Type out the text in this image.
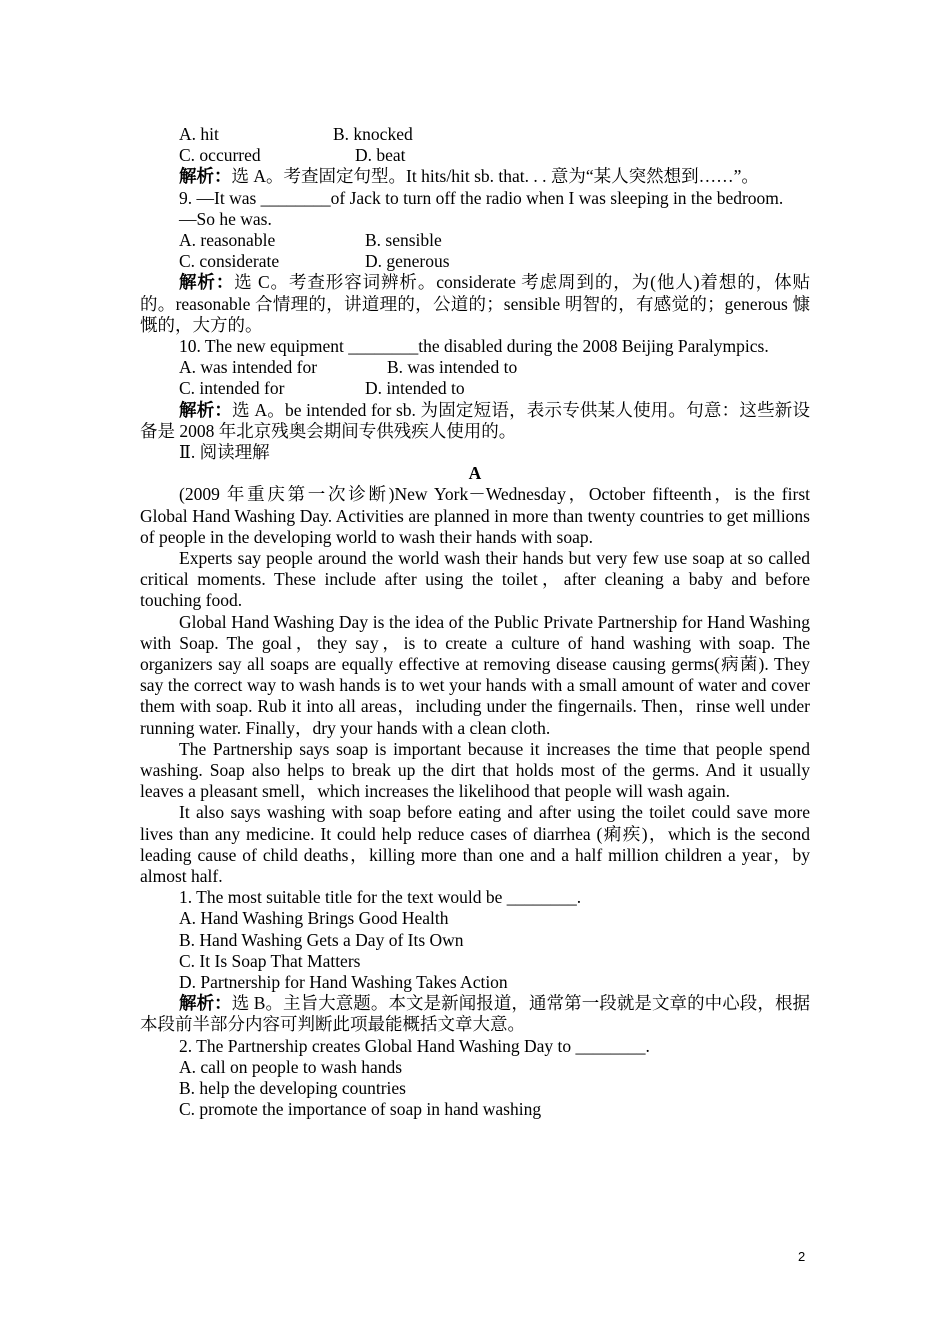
A. hit	B. knocked
C. occurred	D. beat
解析：选 A。考查固定句型。It hits/hit sb. that. . . 意为“某人突然想到……”。
9. —It was ________of Jack to turn off the radio when I was sleeping in the bedroom.
—So he was.
A. reasonable	B. sensible
C. considerate	D. generous
解析：选 C。考查形容词辨析。considerate 考虑周到的，为(他人)着想的，体贴的。reasonable 合情理的，讲道理的，公道的；sensible 明智的，有感觉的；generous 慷慨的，大方的。
10. The new equipment ________the disabled during the 2008 Beijing Paralympics.
A. was intended for	B. was intended to
C. intended for	D. intended to
解析：选 A。be intended for sb. 为固定短语，表示专供某人使用。句意：这些新设备是 2008 年北京残奥会期间专供残疾人使用的。
Ⅱ. 阅读理解
A
(2009 年重庆第一次诊断)New York－Wednesday，October fifteenth，is the first Global Hand Washing Day. Activities are planned in more than twenty countries to get millions of people in the developing world to wash their hands with soap.
Experts say people around the world wash their hands but very few use soap at so called critical moments. These include after using the toilet，after cleaning a baby and before touching food.
Global Hand Washing Day is the idea of the Public Private Partnership for Hand Washing with Soap. The goal，they say，is to create a culture of hand washing with soap. The organizers say all soaps are equally effective at removing disease causing germs(病菌). They say the correct way to wash hands is to wet your hands with a small amount of water and cover them with soap. Rub it into all areas，including under the fingernails. Then，rinse well under running water. Finally，dry your hands with a clean cloth.
The Partnership says soap is important because it increases the time that people spend washing. Soap also helps to break up the dirt that holds most of the germs. And it usually leaves a pleasant smell，which increases the likelihood that people will wash again.
It also says washing with soap before eating and after using the toilet could save more lives than any medicine. It could help reduce cases of diarrhea (痢疾)，which is the second leading cause of child deaths，killing more than one and a half million children a year，by almost half.
1. The most suitable title for the text would be ________.
A. Hand Washing Brings Good Health
B. Hand Washing Gets a Day of Its Own
C. It Is Soap That Matters
D. Partnership for Hand Washing Takes Action
解析：选 B。主旨大意题。本文是新闻报道，通常第一段就是文章的中心段，根据本段前半部分内容可判断此项最能概括文章大意。
2. The Partnership creates Global Hand Washing Day to ________.
A. call on people to wash hands
B. help the developing countries
C. promote the importance of soap in hand washing
2
